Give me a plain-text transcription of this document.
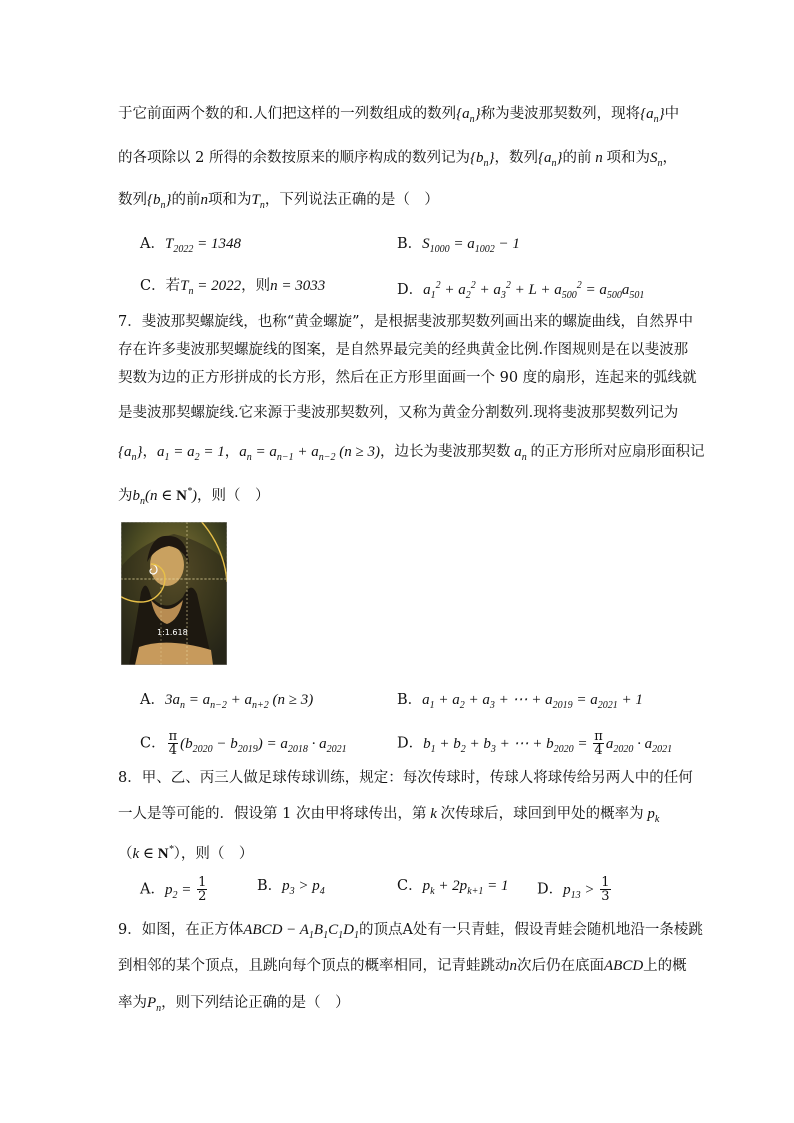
于它前面两个数的和.人们把这样的一列数组成的数列$\{a_n\}$称为斐波那契数列，现将$\{a_n\}$中
的各项除以 2 所得的余数按原来的顺序构成的数列记为$\{b_n\}$，数列$\{a_n\}$的前 n 项和为$S_n$，
数列$\{b_n\}$的前n项和为$T_n$，下列说法正确的是（　）
A．$T_{2022} = 1348$	B．$S_{1000} = a_{1002} - 1$
C．若$T_n = 2022$，则n = 3033	D．$a_1^2 + a_2^2 + a_3^2 + L + a_{500}^2 = a_{500}a_{501}$
7．斐波那契螺旋线，也称“黄金螺旋”，是根据斐波那契数列画出来的螺旋曲线，自然界中
存在许多斐波那契螺旋线的图案，是自然界最完美的经典黄金比例.作图规则是在以斐波那
契数为边的正方形拼成的长方形，然后在正方形里面画一个 90 度的扇形，连起来的弧线就
是斐波那契螺旋线.它来源于斐波那契数列，又称为黄金分割数列.现将斐波那契数列记为
$\{a_n\}$，$a_1 = a_2 = 1$，$a_n = a_{n-1} + a_{n-2}$ (n ≥ 3)，边长为斐波那契数 $a_n$ 的正方形所对应扇形面积记
为$b_n(n$ ∈ N*)，则（　）
1:1.618
A．$3a_n = a_{n-2} + a_{n+2}$ (n ≥ 3)	B．$a_1 + a_2 + a_3$ + ⋯ + $a_{2019} = a_{2021} + 1$
C． $\frac{\pi}{4} (b_{2020} - b_{2019}) = a_{2018} \cdot a_{2021}$	D．$b_1 + b_2 + b_3$ + ⋯ + $b_{2020} = \frac{\pi}{4} a_{2020} \cdot a_{2021}$
8．甲、乙、丙三人做足球传球训练，规定：每次传球时，传球人将球传给另两人中的任何
一人是等可能的．假设第 1 次由甲将球传出，第 k 次传球后，球回到甲处的概率为 $p_k$
（k ∈ N*），则（　）
A．$p_2 = \frac{1}{2}$	B．$p_3 > p_4$	C．$p_k + 2p_{k+1} = 1$ D．$p_{13} > \frac{1}{3}$
9．如图，在正方体ABCD − $A_1B_1C_1D_1$的顶点A处有一只青蛙，假设青蛙会随机地沿一条棱跳
到相邻的某个顶点，且跳向每个顶点的概率相同，记青蛙跳动n次后仍在底面ABCD上的概
率为$P_n$，则下列结论正确的是（　）
